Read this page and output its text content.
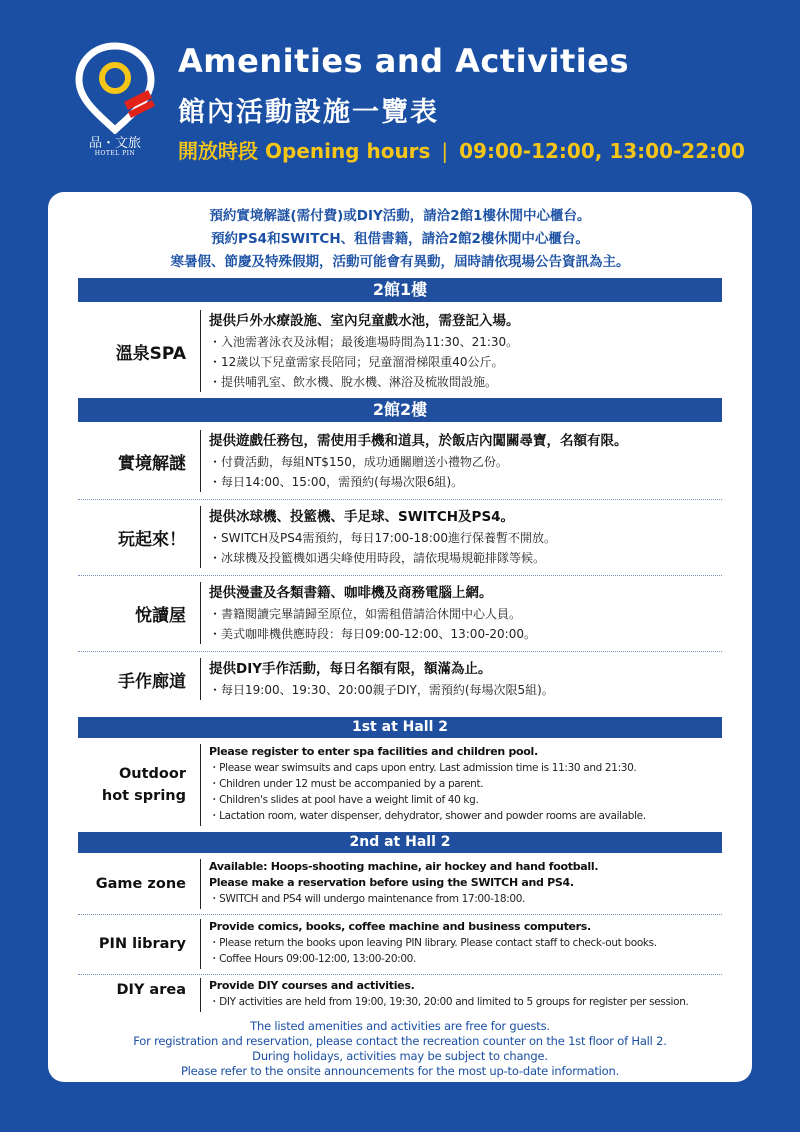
品・文旅
HOTEL PIN
Amenities and Activities
館內活動設施一覽表
開放時段 Opening hours | 09:00-12:00, 13:00-22:00
預約實境解謎(需付費)或DIY活動，請洽2館1樓休閒中心櫃台。
預約PS4和SWITCH、租借書籍，請洽2館2樓休閒中心櫃台。
寒暑假、節慶及特殊假期，活動可能會有異動，屆時請依現場公告資訊為主。
2館1樓
溫泉SPA
提供戶外水療設施、室內兒童戲水池，需登記入場。
・入池需著泳衣及泳帽；最後進場時間為11:30、21:30。
・12歲以下兒童需家長陪同；兒童溜滑梯限重40公斤。
・提供哺乳室、飲水機、脫水機、淋浴及梳妝間設施。
2館2樓
實境解謎
提供遊戲任務包，需使用手機和道具，於飯店內闖關尋寶，名額有限。
・付費活動，每組NT$150，成功通關贈送小禮物乙份。
・每日14:00、15:00，需預約(每場次限6組)。
玩起來！
提供冰球機、投籃機、手足球、SWITCH及PS4。
・SWITCH及PS4需預約，每日17:00-18:00進行保養暫不開放。
・冰球機及投籃機如遇尖峰使用時段，請依現場規範排隊等候。
悅讀屋
提供漫畫及各類書籍、咖啡機及商務電腦上網。
・書籍閱讀完畢請歸至原位，如需租借請洽休閒中心人員。
・美式咖啡機供應時段：每日09:00-12:00、13:00-20:00。
手作廊道
提供DIY手作活動，每日名額有限，額滿為止。
・每日19:00、19:30、20:00親子DIY，需預約(每場次限5組)。
1st at Hall 2
Outdoor
hot spring
Please register to enter spa facilities and children pool.
・Please wear swimsuits and caps upon entry. Last admission time is 11:30 and 21:30.
・Children under 12 must be accompanied by a parent.
・Children's slides at pool have a weight limit of 40 kg.
・Lactation room, water dispenser, dehydrator, shower and powder rooms are available.
2nd at Hall 2
Game zone
Available: Hoops-shooting machine, air hockey and hand football.
Please make a reservation before using the SWITCH and PS4.
・SWITCH and PS4 will undergo maintenance from 17:00-18:00.
PIN library
Provide comics, books, coffee machine and business computers.
・Please return the books upon leaving PIN library. Please contact staff to check-out books.
・Coffee Hours 09:00-12:00, 13:00-20:00.
DIY area	Provide DIY courses and activities.
・DIY activities are held from 19:00, 19:30, 20:00 and limited to 5 groups for register per session.
The listed amenities and activities are free for guests.
For registration and reservation, please contact the recreation counter on the 1st floor of Hall 2.
During holidays, activities may be subject to change.
Please refer to the onsite announcements for the most up-to-date information.
